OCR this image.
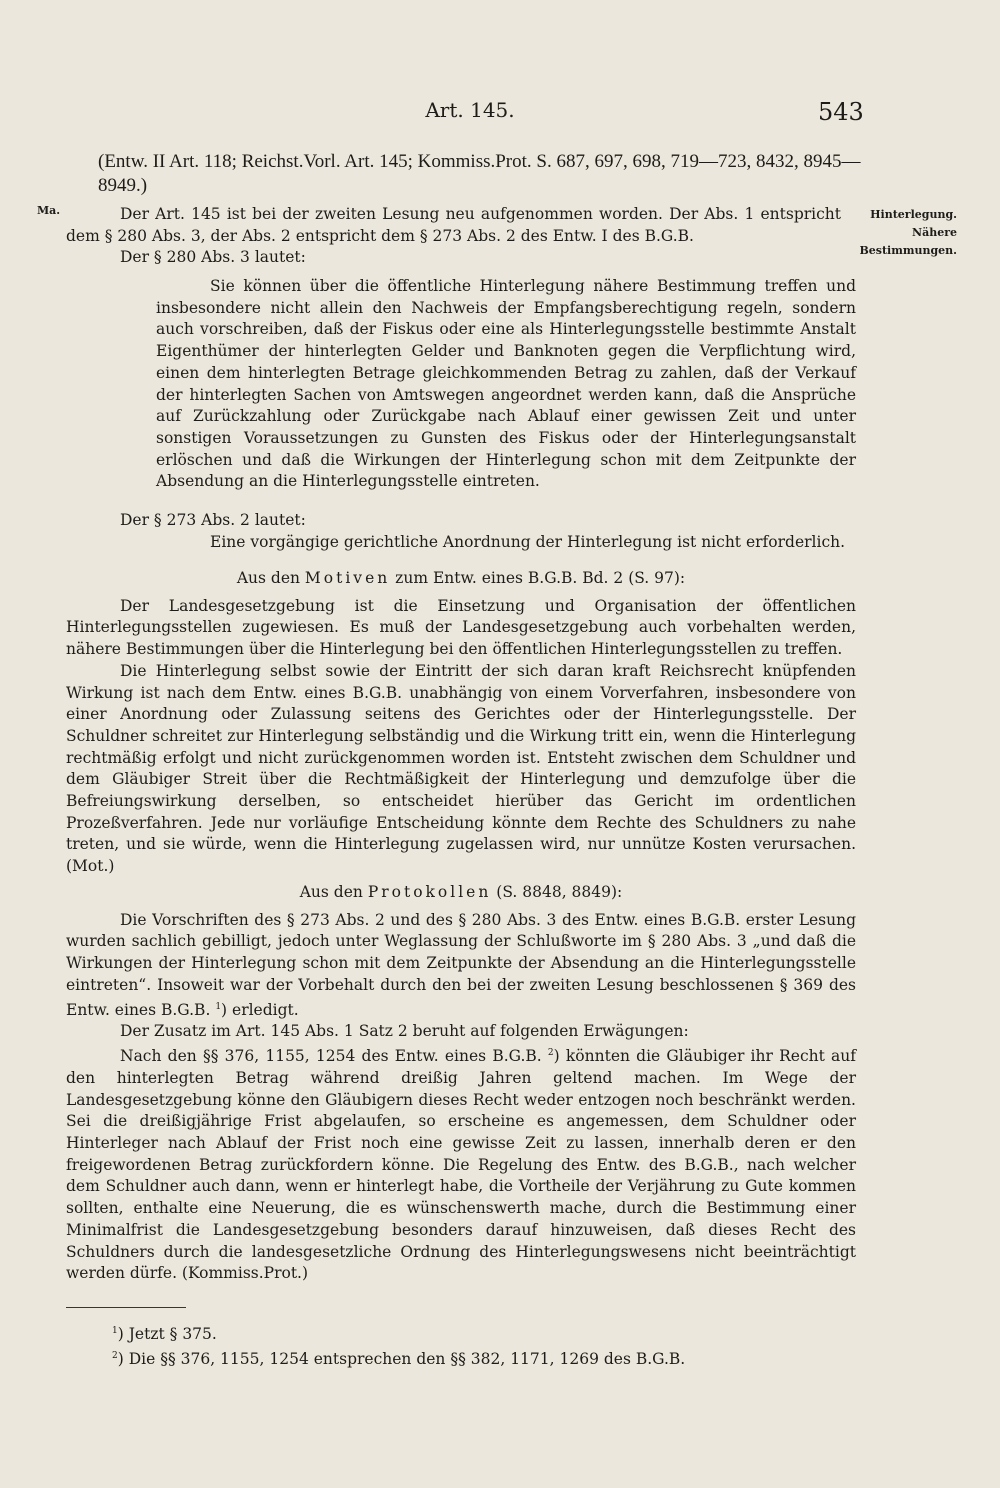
Art. 145.	543
(Entw. II Art. 118; Reichst.Vorl. Art. 145; Kommiss.Prot. S. 687, 697, 698, 719—723, 8432, 8945—8949.)
Ma.	Hinterlegung.
Nähere
Bestimmungen.

Der Art. 145 ist bei der zweiten Lesung neu aufgenommen worden. Der Abs. 1 entspricht dem § 280 Abs. 3, der Abs. 2 entspricht dem § 273 Abs. 2 des Entw. I des B.G.B.

Der § 280 Abs. 3 lautet:

Sie können über die öffentliche Hinterlegung nähere Bestimmung treffen und insbesondere nicht allein den Nachweis der Empfangsberechtigung regeln, sondern auch vorschreiben, daß der Fiskus oder eine als Hinterlegungsstelle bestimmte Anstalt Eigenthümer der hinterlegten Gelder und Banknoten gegen die Verpflichtung wird, einen dem hinterlegten Betrage gleichkommenden Betrag zu zahlen, daß der Verkauf der hinterlegten Sachen von Amtswegen angeordnet werden kann, daß die Ansprüche auf Zurückzahlung oder Zurückgabe nach Ablauf einer gewissen Zeit und unter sonstigen Voraussetzungen zu Gunsten des Fiskus oder der Hinterlegungsanstalt erlöschen und daß die Wirkungen der Hinterlegung schon mit dem Zeitpunkte der Absendung an die Hinterlegungsstelle eintreten.

Der § 273 Abs. 2 lautet:

Eine vorgängige gerichtliche Anordnung der Hinterlegung ist nicht erforderlich.

Aus den Motiven zum Entw. eines B.G.B. Bd. 2 (S. 97):

Der Landesgesetzgebung ist die Einsetzung und Organisation der öffentlichen Hinterlegungsstellen zugewiesen. Es muß der Landesgesetzgebung auch vorbehalten werden, nähere Bestimmungen über die Hinterlegung bei den öffentlichen Hinterlegungsstellen zu treffen.

Die Hinterlegung selbst sowie der Eintritt der sich daran kraft Reichsrecht knüpfenden Wirkung ist nach dem Entw. eines B.G.B. unabhängig von einem Vorverfahren, insbesondere von einer Anordnung oder Zulassung seitens des Gerichtes oder der Hinterlegungsstelle. Der Schuldner schreitet zur Hinterlegung selbständig und die Wirkung tritt ein, wenn die Hinterlegung rechtmäßig erfolgt und nicht zurückgenommen worden ist. Entsteht zwischen dem Schuldner und dem Gläubiger Streit über die Rechtmäßigkeit der Hinterlegung und demzufolge über die Befreiungswirkung derselben, so entscheidet hierüber das Gericht im ordentlichen Prozeßverfahren. Jede nur vorläufige Entscheidung könnte dem Rechte des Schuldners zu nahe treten, und sie würde, wenn die Hinterlegung zugelassen wird, nur unnütze Kosten verursachen. (Mot.)

Aus den Protokollen (S. 8848, 8849):

Die Vorschriften des § 273 Abs. 2 und des § 280 Abs. 3 des Entw. eines B.G.B. erster Lesung wurden sachlich gebilligt, jedoch unter Weglassung der Schlußworte im § 280 Abs. 3 „und daß die Wirkungen der Hinterlegung schon mit dem Zeitpunkte der Absendung an die Hinterlegungsstelle eintreten“. Insoweit war der Vorbehalt durch den bei der zweiten Lesung beschlossenen § 369 des Entw. eines B.G.B. $^1$) erledigt.

Der Zusatz im Art. 145 Abs. 1 Satz 2 beruht auf folgenden Erwägungen:

Nach den §§ 376, 1155, 1254 des Entw. eines B.G.B. $^2$) könnten die Gläubiger ihr Recht auf den hinterlegten Betrag während dreißig Jahren geltend machen. Im Wege der Landesgesetzgebung könne den Gläubigern dieses Recht weder entzogen noch beschränkt werden. Sei die dreißigjährige Frist abgelaufen, so erscheine es angemessen, dem Schuldner oder Hinterleger nach Ablauf der Frist noch eine gewisse Zeit zu lassen, innerhalb deren er den freigewordenen Betrag zurückfordern könne. Die Regelung des Entw. des B.G.B., nach welcher dem Schuldner auch dann, wenn er hinterlegt habe, die Vortheile der Verjährung zu Gute kommen sollten, enthalte eine Neuerung, die es wünschenswerth mache, durch die Bestimmung einer Minimalfrist die Landesgesetzgebung besonders darauf hinzuweisen, daß dieses Recht des Schuldners durch die landesgesetzliche Ordnung des Hinterlegungswesens nicht beeinträchtigt werden dürfe. (Kommiss.Prot.)

$^1$) Jetzt § 375.
$^2$) Die §§ 376, 1155, 1254 entsprechen den §§ 382, 1171, 1269 des B.G.B.
